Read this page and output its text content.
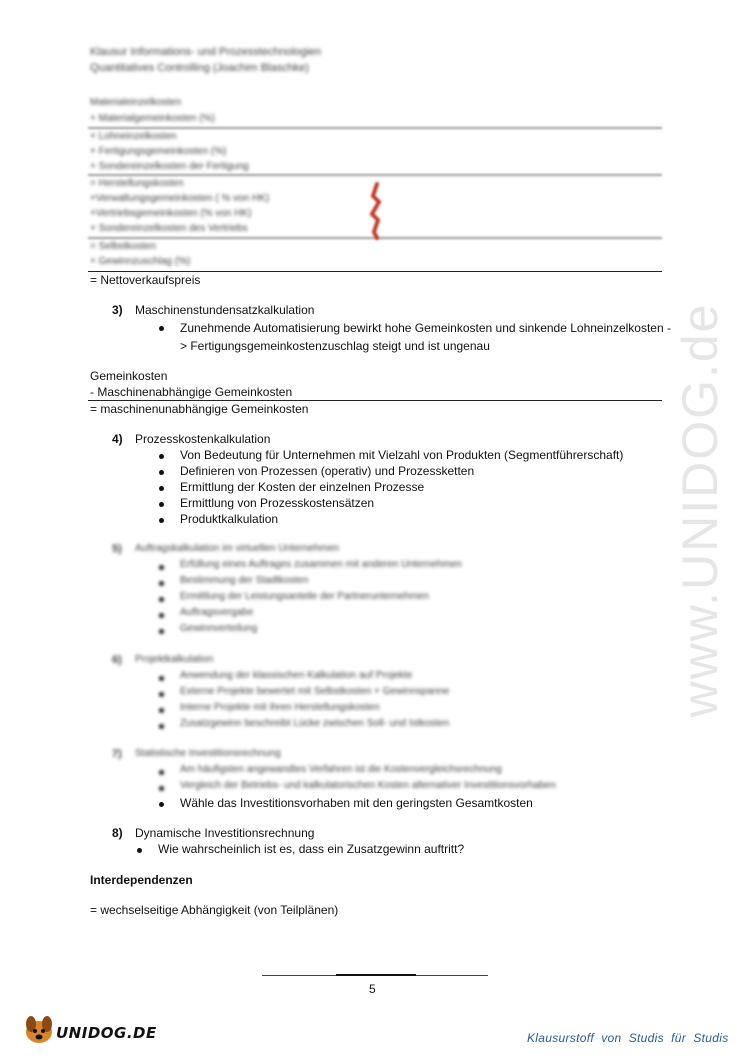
Klausur Informations- und Prozesstechnologien
Quantitatives Controlling (Joachim Blaschke)
Materialeinzelkosten
+ Materialgemeinkosten (%)
+ Lohneinzelkosten
+ Fertigungsgemeinkosten (%)
+ Sondereinzelkosten der Fertigung
= Herstellungskosten
+Verwaltungsgemeinkosten ( % von HK)
+Vertriebsgemeinkosten (% von HK)
+ Sondereinzelkosten des Vertriebs
= Selbstkosten
+ Gewinnzuschlag (%)
= Nettoverkaufspreis
3) Maschinenstundensatzkalkulation
Zunehmende Automatisierung bewirkt hohe Gemeinkosten und sinkende Lohneinzelkosten -
> Fertigungsgemeinkostenzuschlag steigt und ist ungenau
Gemeinkosten
- Maschinenabhängige Gemeinkosten
= maschinenunabhängige Gemeinkosten
4) Prozesskostenkalkulation
Von Bedeutung für Unternehmen mit Vielzahl von Produkten (Segmentführerschaft)
Definieren von Prozessen (operativ) und Prozessketten
Ermittlung der Kosten der einzelnen Prozesse
Ermittlung von Prozesskostensätzen
Produktkalkulation
5) Auftragskalkulation im virtuellen Unternehmen
Erfüllung eines Auftrages zusammen mit anderen Unternehmen
Bestimmung der Stadtkosten
Ermittlung der Leistungsanteile der Partnerunternehmen
Auftragsvergabe
Gewinnverteilung
6) Projektkalkulation
Anwendung der klassischen Kalkulation auf Projekte
Externe Projekte bewertet mit Selbstkosten + Gewinnspanne
Interne Projekte mit ihren Herstellungskosten
Zusatzgewinn beschreibt Lücke zwischen Soll- und Istkosten
7) Statistische Investitionsrechnung
Am häufigsten angewandtes Verfahren ist die Kostenvergleichsrechnung
Vergleich der Betriebs- und kalkulatorischen Kosten alternativer Investitionsvorhaben
Wähle das Investitionsvorhaben mit den geringsten Gesamtkosten
8) Dynamische Investitionsrechnung
Wie wahrscheinlich ist es, dass ein Zusatzgewinn auftritt?
Interdependenzen
= wechselseitige Abhängigkeit (von Teilplänen)
www.UNIDOG.de
5
UNIDOG.DE	Klausurstoff  von  Studis  für  Studis
